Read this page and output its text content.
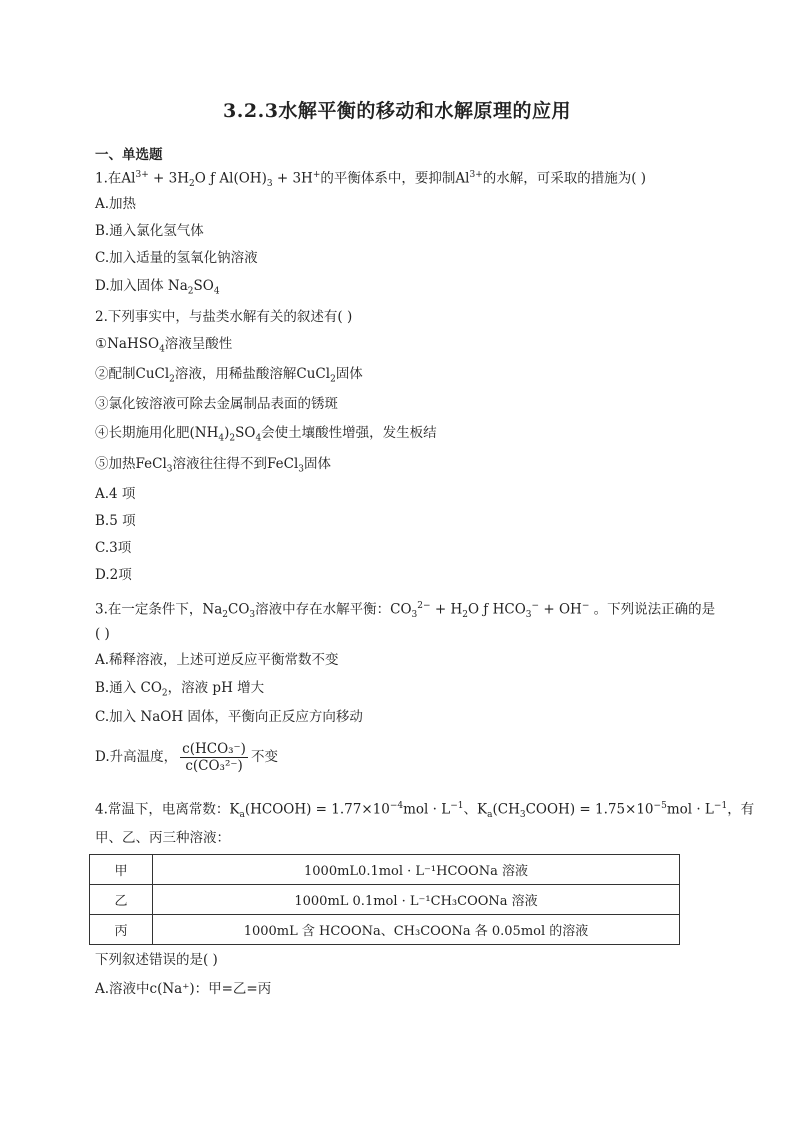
3.2.3水解平衡的移动和水解原理的应用
一、单选题
1.在$Al^{3+} + 3H_2O$ ƒ $Al(OH)_3 + 3H^+$的平衡体系中，要抑制$Al^{3+}$的水解，可采取的措施为( )
A.加热
B.通入氯化氢气体
C.加入适量的氢氧化钠溶液
D.加入固体 $Na_2SO_4$
2.下列事实中，与盐类水解有关的叙述有( )
①NaHSO$_4$溶液呈酸性
②配制CuCl$_2$溶液，用稀盐酸溶解CuCl$_2$固体
③氯化铵溶液可除去金属制品表面的锈斑
④长期施用化肥$(NH_4)_2SO_4$会使土壤酸性增强，发生板结
⑤加热FeCl$_3$溶液往往得不到FeCl$_3$固体
A.4 项
B.5 项
C.3项
D.2项
3.在一定条件下，$Na_2CO_3$溶液中存在水解平衡：$CO_3^{2-} + H_2O$ ƒ $HCO_3^- + OH^-$ 。下列说法正确的是
( )
A.稀释溶液，上述可逆反应平衡常数不变
B.通入 $CO_2$，溶液 pH 增大
C.加入 NaOH 固体，平衡向正反应方向移动
D.升高温度， $\frac{\text{c(HCO₃⁻)}}{\text{c(CO₃²⁻)}}$ 不变
4.常温下，电离常数：$K_a(HCOOH) = 1.77\times 10^{-4}mol \cdot L^{-1}$、$K_a(CH_3COOH) = 1.75\times 10^{-5}mol \cdot L^{-1}$，有
甲、乙、丙三种溶液：
甲	1000mL0.1mol · L⁻¹HCOONa 溶液
乙	1000mL 0.1mol · L⁻¹CH₃COONa 溶液
丙	1000mL 含 HCOONa、CH₃COONa 各 0.05mol 的溶液
下列叙述错误的是( )
A.溶液中c(Na⁺)：甲=乙=丙
